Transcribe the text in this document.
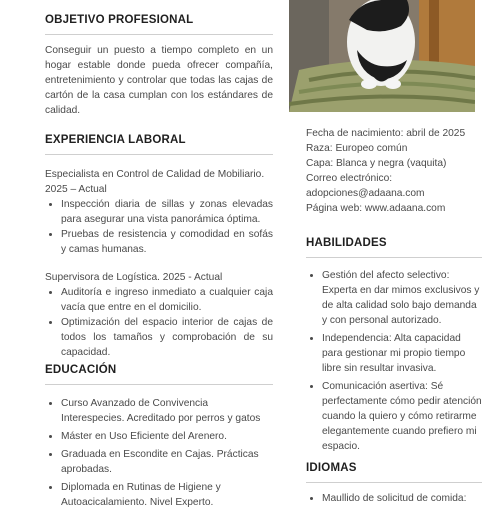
OBJETIVO PROFESIONAL

Conseguir un puesto a tiempo completo en un hogar estable donde pueda ofrecer compañía, entretenimiento y controlar que todas las cajas de cartón de la casa cumplan con los estándares de calidad.

EXPERIENCIA LABORAL

Especialista en Control de Calidad de Mobiliario.

2025 – Actual

• Inspección diaria de sillas y zonas elevadas para asegurar una vista panorámica óptima.
• Pruebas de resistencia y comodidad en sofás y camas humanas.

Supervisora de Logística. 2025 - Actual

• Auditoría e ingreso inmediato a cualquier caja vacía que entre en el domicilio.
• Optimización del espacio interior de cajas de todos los tamaños y comprobación de su capacidad.
EDUCACIÓN
• Curso Avanzado de Convivencia Interespecies. Acreditado por perros y gatos
• Máster en Uso Eficiente del Arenero.
• Graduada en Escondite en Cajas. Prácticas aprobadas.
• Diplomada en Rutinas de Higiene y Autoacicalamiento. Nivel Experto.

Fecha de nacimiento: abril de 2025

Raza: Europeo común

Capa: Blanca y negra (vaquita)

Correo electrónico:

adopciones@adaana.com

Página web: www.adaana.com

HABILIDADES
• Gestión del afecto selectivo: Experta en dar mimos exclusivos y de alta calidad solo bajo demanda y con personal autorizado.
• Independencia: Alta capacidad para gestionar mi propio tiempo libre sin resultar invasiva.
• Comunicación asertiva: Sé perfectamente cómo pedir atención cuando la quiero y cómo retirarme elegantemente cuando prefiero mi espacio.
IDIOMAS
• Maullido de solicitud de comida:
